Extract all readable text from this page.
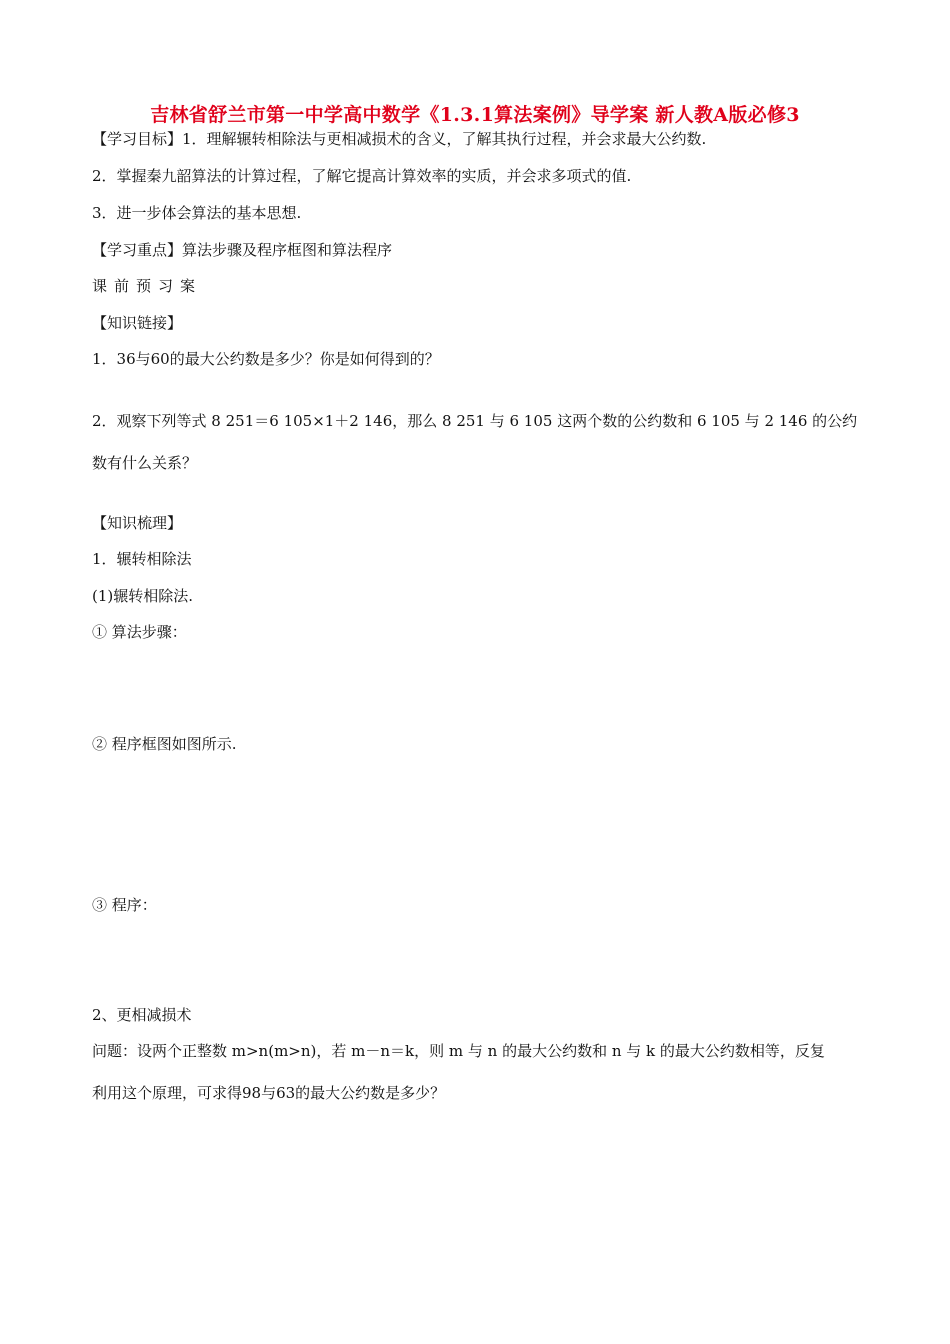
吉林省舒兰市第一中学高中数学《1.3.1算法案例》导学案 新人教A版必修3
【学习目标】1．理解辗转相除法与更相减损术的含义，了解其执行过程，并会求最大公约数.
2．掌握秦九韶算法的计算过程，了解它提高计算效率的实质，并会求多项式的值.
3．进一步体会算法的基本思想.
【学习重点】算法步骤及程序框图和算法程序
课前预习案
【知识链接】
1．36与60的最大公约数是多少？你是如何得到的？
2．观察下列等式 8 251＝6 105×1＋2 146，那么 8 251 与 6 105 这两个数的公约数和 6 105 与 2 146 的公约
数有什么关系？
【知识梳理】
1．辗转相除法
(1)辗转相除法.
① 算法步骤：
② 程序框图如图所示.
③ 程序：
2、更相减损术
问题：设两个正整数 m>n(m>n)，若 m－n＝k，则 m 与 n 的最大公约数和 n 与 k 的最大公约数相等，反复
利用这个原理，可求得98与63的最大公约数是多少？
